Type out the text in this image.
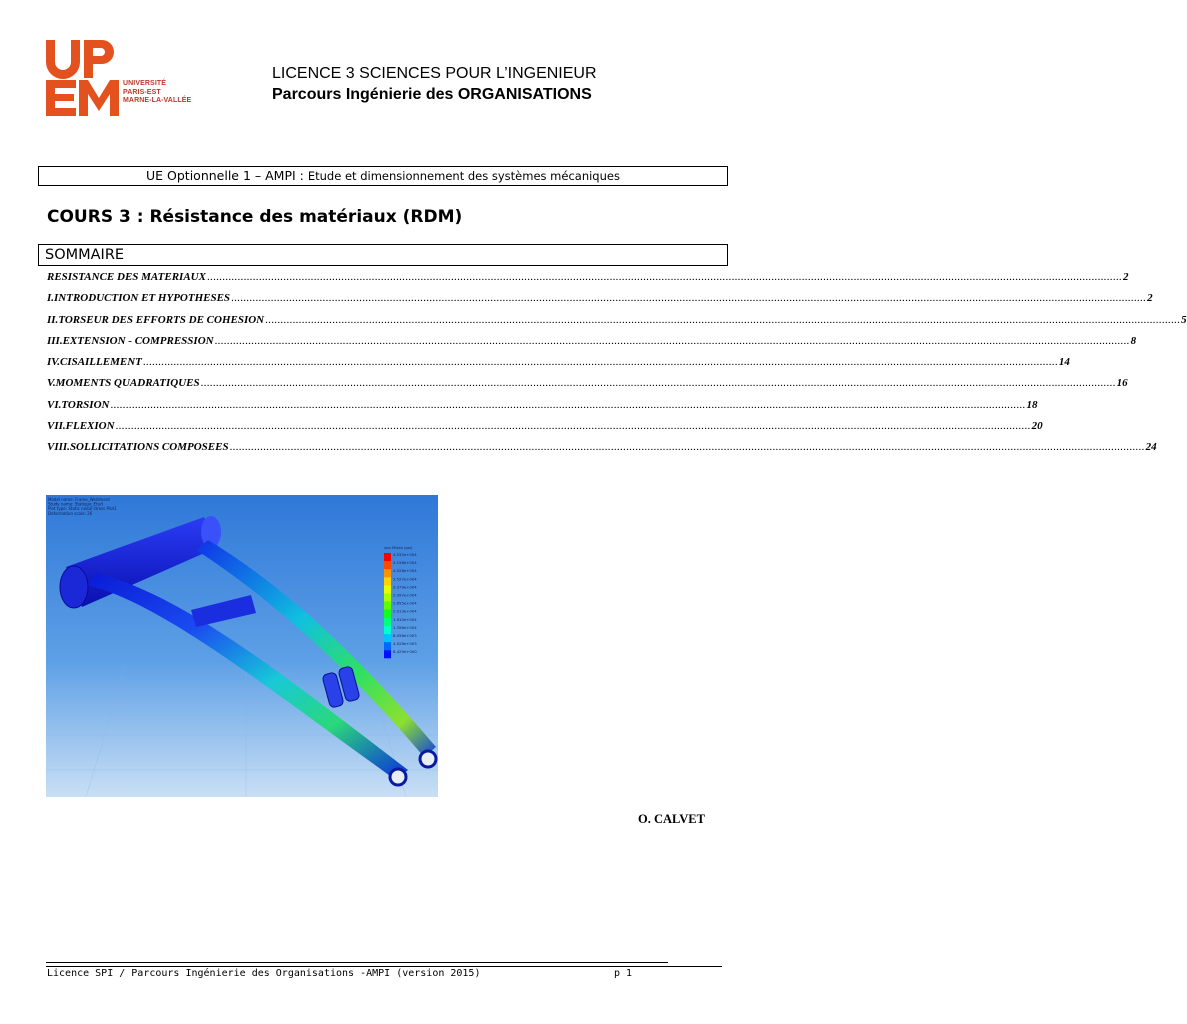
UNIVERSITÉ
PARIS-EST
MARNE-LA-VALLÉE
LICENCE 3 SCIENCES POUR L’INGENIEUR
Parcours Ingénierie des ORGANISATIONS
UE Optionnelle 1 – AMPI : Etude et dimensionnement des systèmes mécaniques
COURS 3 : Résistance des matériaux (RDM)
SOMMAIRE
RESISTANCE DES MATERIAUX ............................................................................................................................................................................................................................................................................................................ 2
I. INTRODUCTION ET HYPOTHESES ............................................................................................................................................................................................................................................................................................................ 2
II. TORSEUR DES EFFORTS DE COHESION ............................................................................................................................................................................................................................................................................................................ 5
III. EXTENSION - COMPRESSION ............................................................................................................................................................................................................................................................................................................ 8
IV. CISAILLEMENT ............................................................................................................................................................................................................................................................................................................ 14
V. MOMENTS QUADRATIQUES ............................................................................................................................................................................................................................................................................................................ 16
VI. TORSION ............................................................................................................................................................................................................................................................................................................ 18
VII. FLEXION ............................................................................................................................................................................................................................................................................................................ 20
VIII. SOLLICITATIONS COMPOSEES ............................................................................................................................................................................................................................................................................................................ 24
Model name: Frame_Weldment
Study name: Statique_Etud
Plot type: Static nodal stress Plot1
Deformation scale: 26
von Mises (psi)
4.532e+004
4.156e+004
4.028e+004
3.527e+004
3.379e+004
2.997e+004
2.655e+004
2.013e+004
1.910e+004
1.356e+004
8.056e+003
4.028e+003
8.429e+000
O. CALVET
Licence SPI / Parcours Ingénierie des Organisations -AMPI (version 2015)	p 1
